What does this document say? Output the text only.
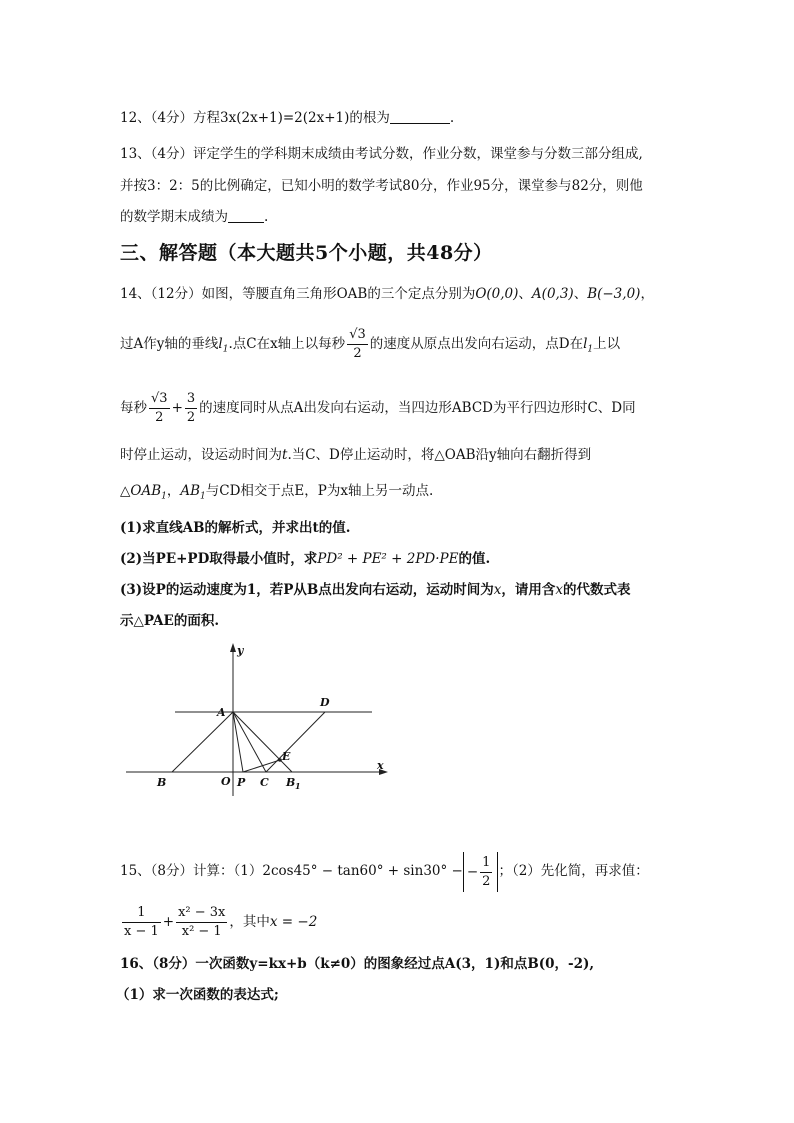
12、（4分）方程3x(2x+1)=2(2x+1)的根为	.
13、（4分）评定学生的学科期末成绩由考试分数，作业分数，课堂参与分数三部分组成,
并按3：2：5的比例确定，已知小明的数学考试80分，作业95分，课堂参与82分，则他
的数学期末成绩为	.
三、解答题（本大题共5个小题，共48分）
14、（12分）如图，等腰直角三角形OAB的三个定点分别为O(0,0)、A(0,3)、B(−3,0)，
过A作y轴的垂线$l_1$.点C在x轴上以每秒 $\frac{√3}{2}$ 的速度从原点出发向右运动，点D在$l_1$上以
每秒 $\frac{√3}{2} + \frac{3}{2}$ 的速度同时从点A出发向右运动，当四边形ABCD为平行四边形时C、D同
时停止运动，设运动时间为t.当C、D停止运动时，将△OAB沿y轴向右翻折得到
$\triangle OAB_1$，$AB_1$与CD相交于点E，P为x轴上另一动点.
(1)求直线AB的解析式，并求出t的值.
(2)当PE+PD取得最小值时，求PD² + PE² + 2PD·PE的值.
(3)设P的运动速度为1，若P从B点出发向右运动，运动时间为x，请用含x的代数式表
示△PAE的面积.
y
x
A
D
E
B	O P C B 1
15、（8分）计算：（1）2cos45° − tan60° + sin30° − − $\frac{1}{2}$ ；（2）先化简，再求值：
$\frac{1}{x - 1} + \frac{\text{x² − 3x}}{\text{x² − 1}}$ ，其中x = −2
16、（8分）一次函数y=kx+b（k≠0）的图象经过点A(3，1)和点B(0，-2),
（1）求一次函数的表达式;
